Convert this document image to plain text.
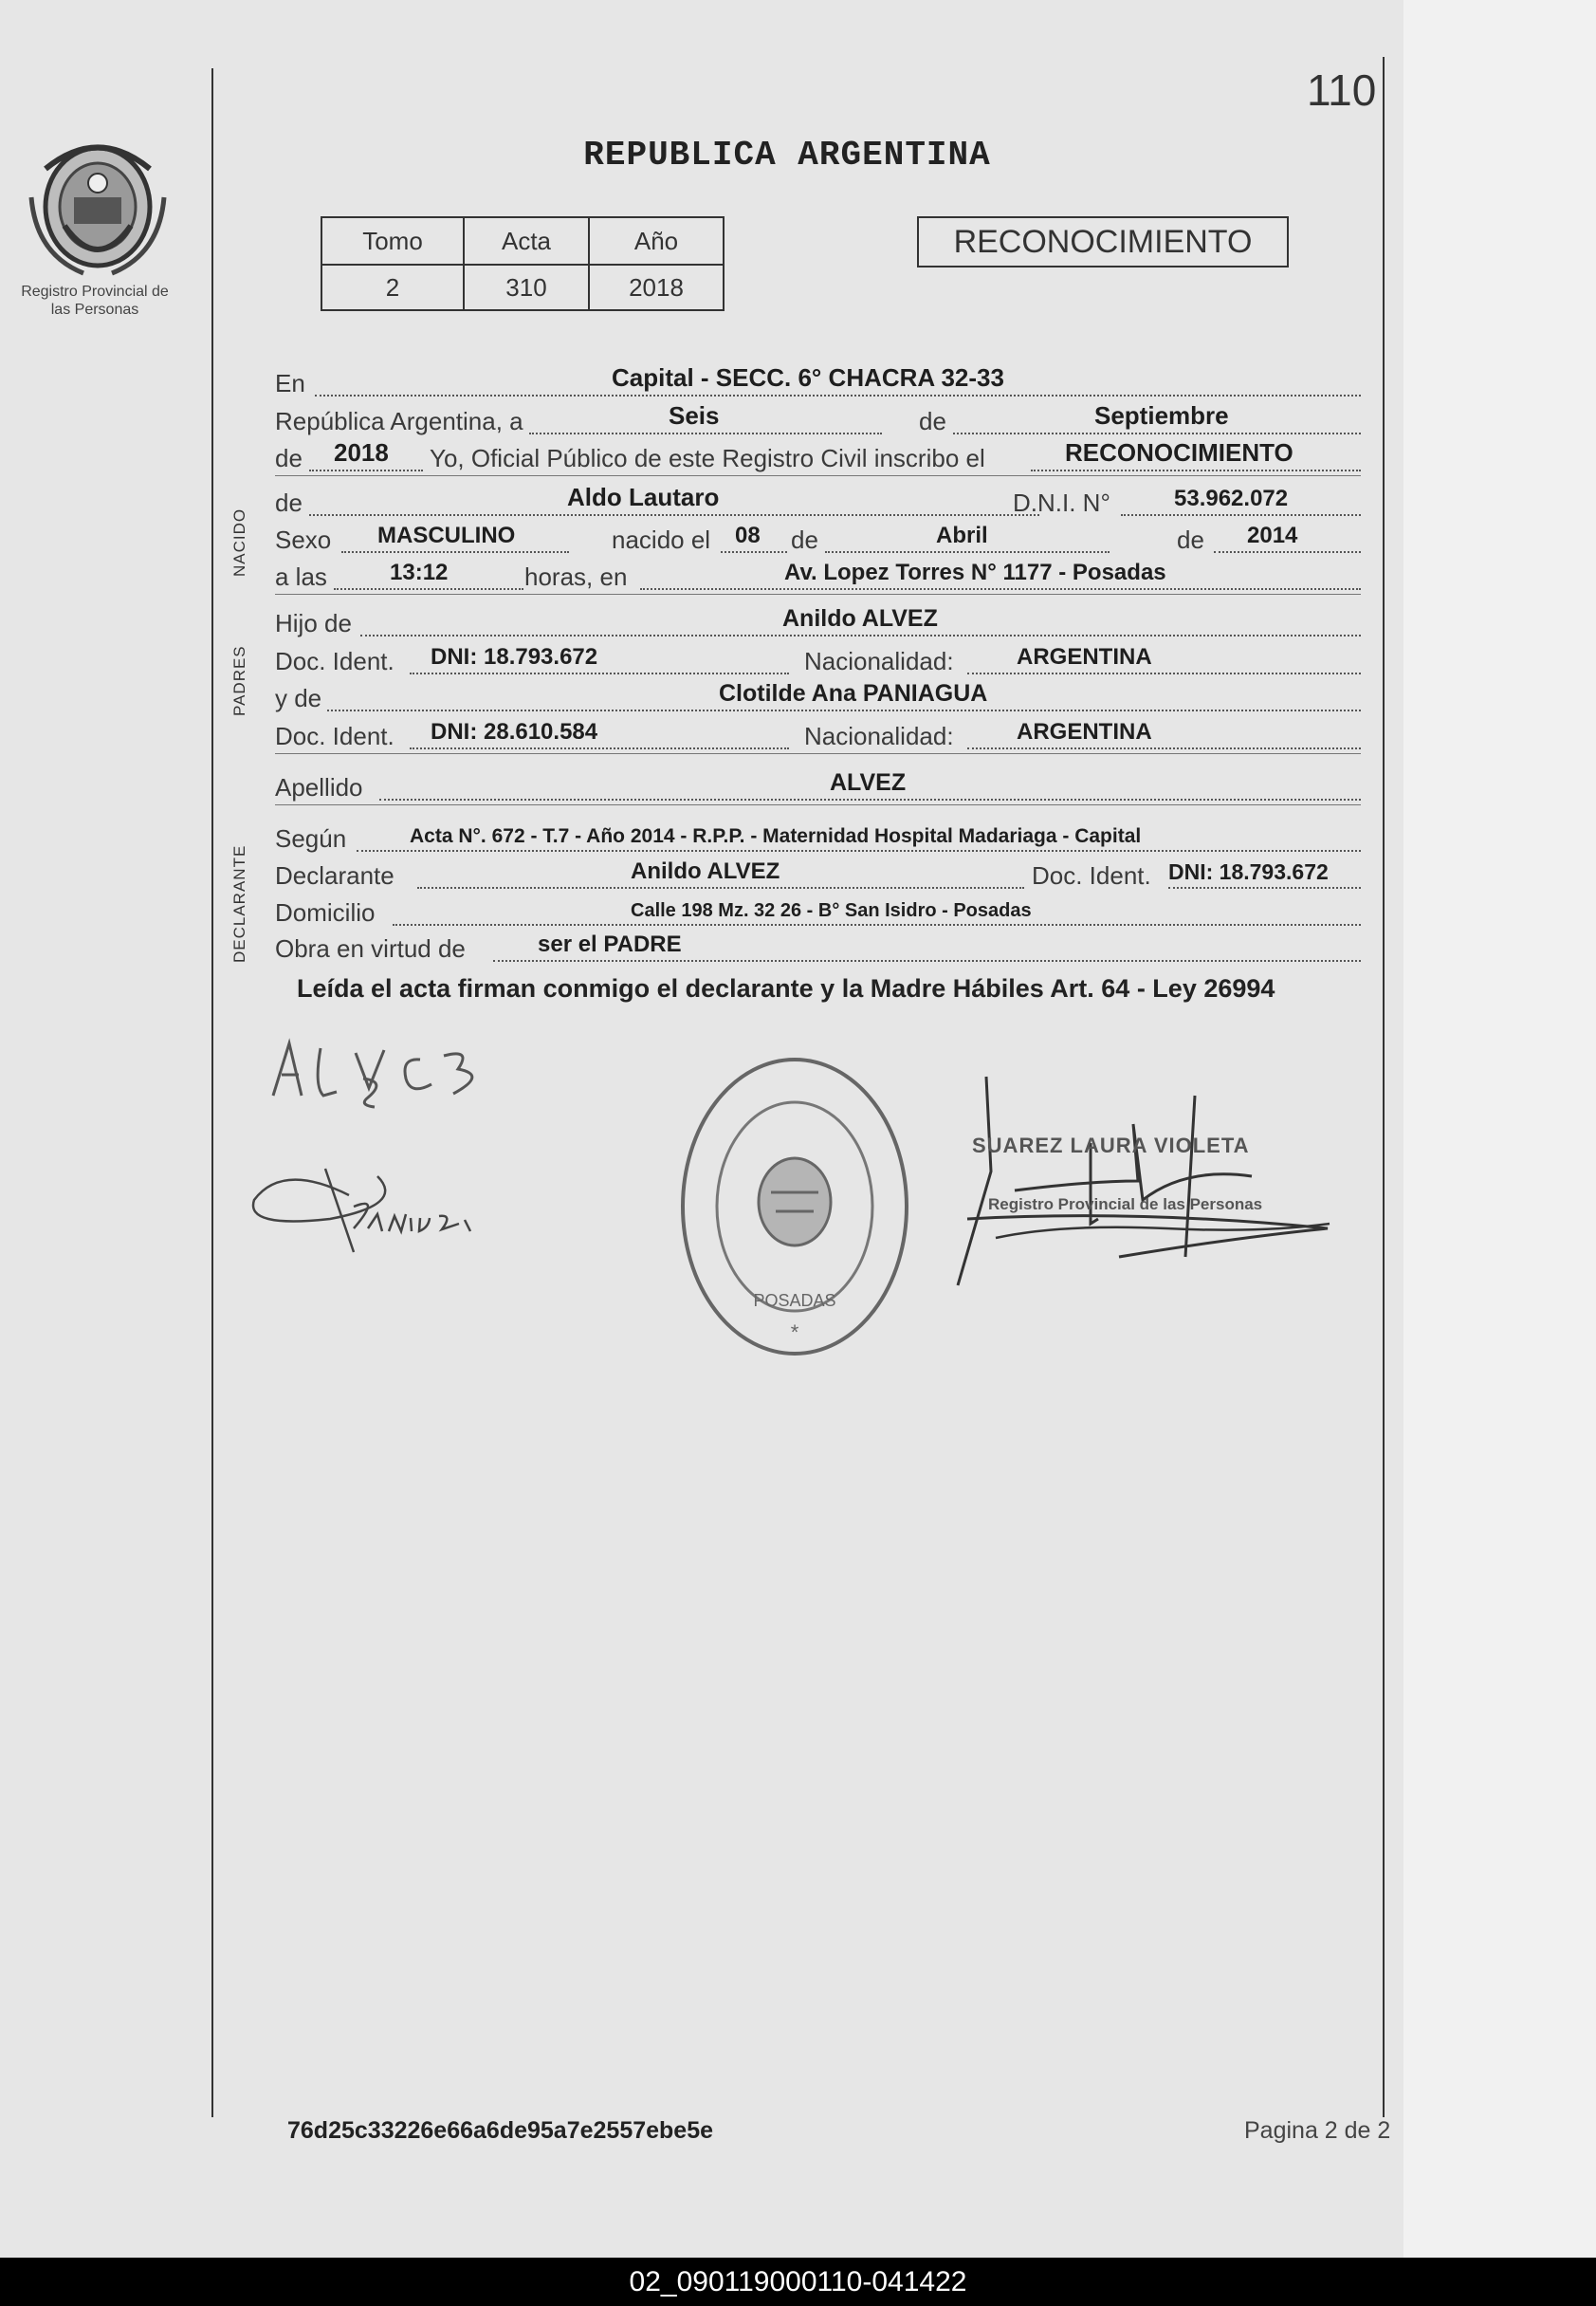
Registro Provincial de las Personas
110
REPUBLICA ARGENTINA
Tomo	Acta	Año
2	310	2018
RECONOCIMIENTO
NACIDO
PADRES
DECLARANTE
En	Capital - SECC. 6° CHACRA 32-33
República Argentina, a	Seis	de	Septiembre
de 2018 Yo, Oficial Público de este Registro Civil inscribo el	RECONOCIMIENTO
de	Aldo Lautaro	D.N.I. N°	53.962.072
Sexo MASCULINO	nacido el 08 de	Abril	de 2014
a las	13:12	horas, en	Av. Lopez Torres N° 1177 - Posadas
Hijo de	Anildo ALVEZ
Doc. Ident. DNI: 18.793.672	Nacionalidad:	ARGENTINA
y de	Clotilde Ana PANIAGUA
Doc. Ident. DNI: 28.610.584	Nacionalidad:	ARGENTINA
Apellido	ALVEZ
Según	Acta N°. 672 - T.7 - Año 2014 - R.P.P. - Maternidad Hospital Madariaga - Capital
Declarante	Anildo ALVEZ	Doc. Ident. DNI: 18.793.672
Domicilio	Calle 198 Mz. 32 26 - B° San Isidro - Posadas
Obra en virtud de	ser el PADRE
Leída el acta firman conmigo el declarante y la Madre Hábiles Art. 64 - Ley 26994
POSADAS
*
SUAREZ LAURA VIOLETA
Registro Provincial de las Personas
76d25c33226e66a6de95a7e2557ebe5e	Pagina 2 de 2
02_090119000110-041422
